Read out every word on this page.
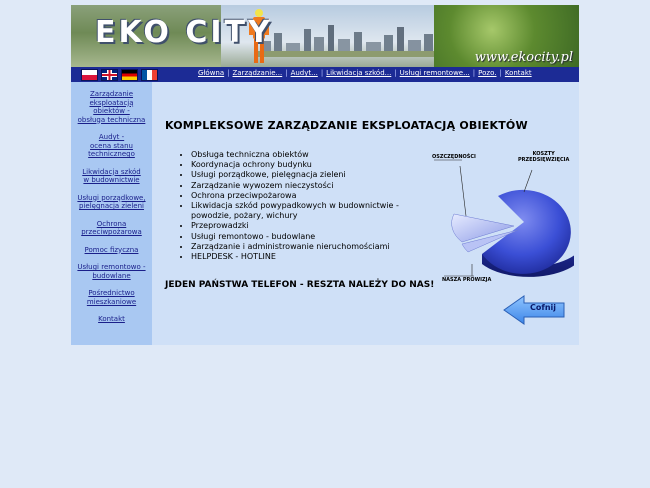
EKO CITY
www.ekocity.pl
Główna | Zarządzanie... | Audyt... | Likwidacja szkód... | Usługi remontowe... | Pozo. | Kontakt
Zarządzanie
eksploatacją
obiektów -
obsługa techniczna
Audyt -
ocena stanu
technicznego
Likwidacja szkód
w budownictwie
Usługi porządkowe,
pielęgnacja zieleni
Ochrona
przeciwpożarowa
Pomoc fizyczna
Usługi remontowo -
budowlane
Pośrednictwo
mieszkaniowe
Kontakt
KOMPLEKSOWE ZARZĄDZANIE EKSPLOATACJĄ OBIEKTÓW
• Obsługa techniczna obiektów
• Koordynacja ochrony budynku
• Usługi porządkowe, pielęgnacja zieleni
• Zarządzanie wywozem nieczystości
• Ochrona przeciwpożarowa
• Likwidacja szkód powypadkowych w budownictwie - powodzie, pożary, wichury
• Przeprowadzki
• Usługi remontowo - budowlane
• Zarządzanie i administrowanie nieruchomościami
• HELPDESK - HOTLINE
OSZCZĘDNOŚCI	KOSZTY
PRZEDSIĘWZIĘCIA
NASZA PROWIZJA
JEDEN PAŃSTWA TELEFON - RESZTA NALEŻY DO NAS!
Cofnij
